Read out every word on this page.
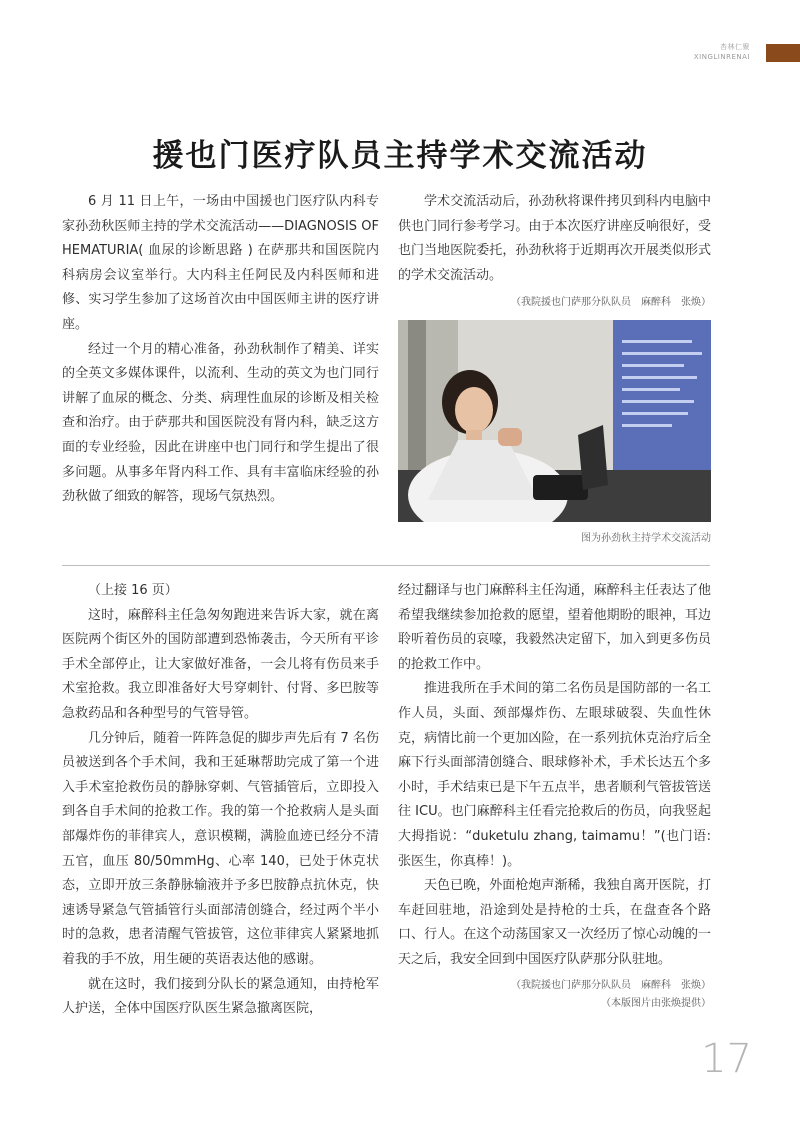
杏林仁聚
XINGLINRENAI
援也门医疗队员主持学术交流活动

6 月 11 日上午，一场由中国援也门医疗队内科专家孙劲秋医师主持的学术交流活动——DIAGNOSIS OF HEMATURIA( 血尿的诊断思路 ) 在萨那共和国医院内科病房会议室举行。大内科主任阿民及内科医师和进修、实习学生参加了这场首次由中国医师主讲的医疗讲座。

经过一个月的精心准备，孙劲秋制作了精美、详实的全英文多媒体课件，以流利、生动的英文为也门同行讲解了血尿的概念、分类、病理性血尿的诊断及相关检查和治疗。由于萨那共和国医院没有肾内科，缺乏这方面的专业经验，因此在讲座中也门同行和学生提出了很多问题。从事多年肾内科工作、具有丰富临床经验的孙劲秋做了细致的解答，现场气氛热烈。

学术交流活动后，孙劲秋将课件拷贝到科内电脑中供也门同行参考学习。由于本次医疗讲座反响很好，受也门当地医院委托，孙劲秋将于近期再次开展类似形式的学术交流活动。

（我院援也门萨那分队队员　麻醉科　张焕）
图为孙劲秋主持学术交流活动

（上接 16 页）

这时，麻醉科主任急匆匆跑进来告诉大家，就在离医院两个街区外的国防部遭到恐怖袭击，今天所有平诊手术全部停止，让大家做好准备，一会儿将有伤员来手术室抢救。我立即准备好大号穿刺针、付肾、多巴胺等急救药品和各种型号的气管导管。

几分钟后，随着一阵阵急促的脚步声先后有 7 名伤员被送到各个手术间，我和王延琳帮助完成了第一个进入手术室抢救伤员的静脉穿刺、气管插管后，立即投入到各自手术间的抢救工作。我的第一个抢救病人是头面部爆炸伤的菲律宾人，意识模糊，满脸血迹已经分不清五官，血压 80/50mmHg、心率 140，已处于休克状态，立即开放三条静脉输液并予多巴胺静点抗休克，快速诱导紧急气管插管行头面部清创缝合，经过两个半小时的急救，患者清醒气管拔管，这位菲律宾人紧紧地抓着我的手不放，用生硬的英语表达他的感谢。

就在这时，我们接到分队长的紧急通知，由持枪军人护送，全体中国医疗队医生紧急撤离医院，

经过翻译与也门麻醉科主任沟通，麻醉科主任表达了他希望我继续参加抢救的愿望，望着他期盼的眼神，耳边聆听着伤员的哀嚎，我毅然决定留下，加入到更多伤员的抢救工作中。

推进我所在手术间的第二名伤员是国防部的一名工作人员，头面、颈部爆炸伤、左眼球破裂、失血性休克，病情比前一个更加凶险，在一系列抗休克治疗后全麻下行头面部清创缝合、眼球修补术，手术长达五个多小时，手术结束已是下午五点半，患者顺利气管拔管送往 ICU。也门麻醉科主任看完抢救后的伤员，向我竖起大拇指说：“duketulu zhang, taimamu！”(也门语: 张医生，你真棒！)。

天色已晚，外面枪炮声渐稀，我独自离开医院，打车赶回驻地，沿途到处是持枪的士兵，在盘查各个路口、行人。在这个动荡国家又一次经历了惊心动魄的一天之后，我安全回到中国医疗队萨那分队驻地。

（我院援也门萨那分队队员　麻醉科　张焕）
（本版图片由张焕提供）
17
